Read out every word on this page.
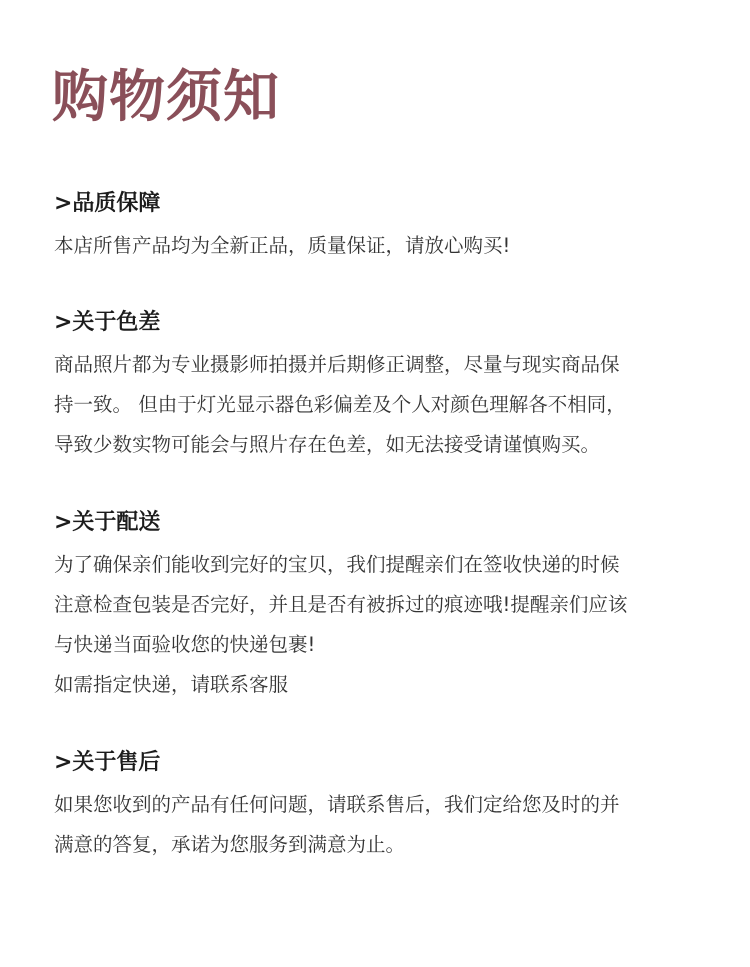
购物须知
>品质保障
本店所售产品均为全新正品，质量保证，请放心购买!
>关于色差
商品照片都为专业摄影师拍摄并后期修正调整，尽量与现实商品保
持一致。 但由于灯光显示器色彩偏差及个人对颜色理解各不相同，
导致少数实物可能会与照片存在色差，如无法接受请谨慎购买。
>关于配送
为了确保亲们能收到完好的宝贝，我们提醒亲们在签收快递的时候
注意检查包装是否完好，并且是否有被拆过的痕迹哦!提醒亲们应该
与快递当面验收您的快递包裹!
如需指定快递，请联系客服
>关于售后
如果您收到的产品有任何问题，请联系售后，我们定给您及时的并
满意的答复，承诺为您服务到满意为止。
